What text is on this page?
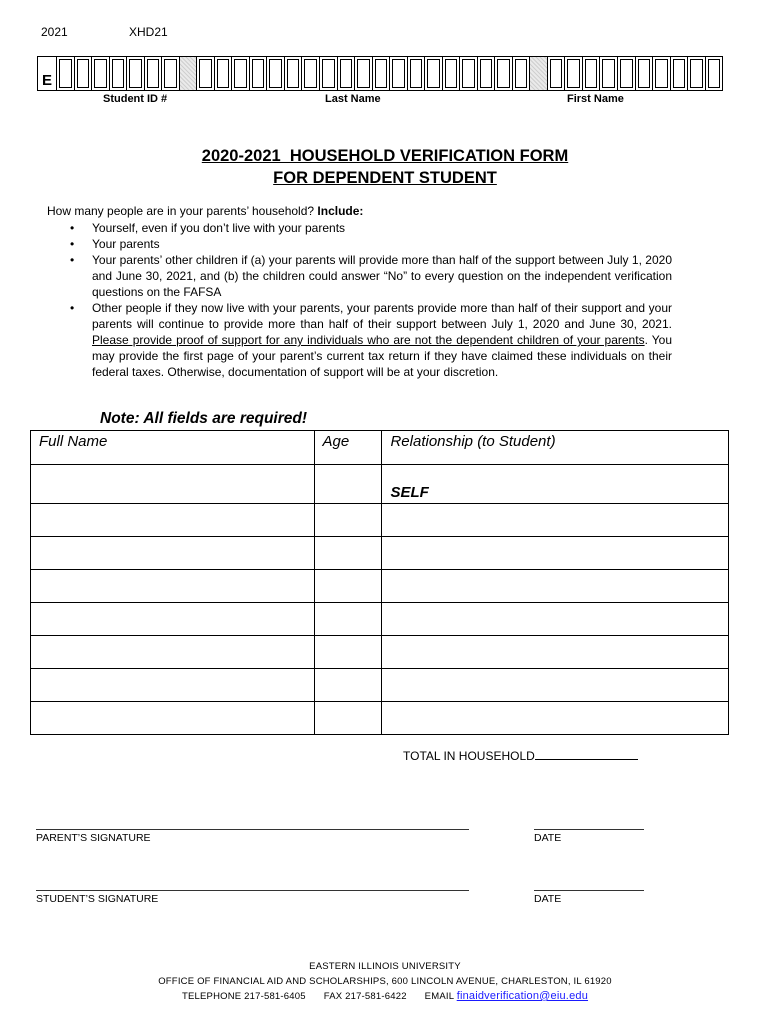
2021	XHD21
E
Student ID #	Last Name	First Name
2020-2021  HOUSEHOLD VERIFICATION FORM
FOR DEPENDENT STUDENT
How many people are in your parents’ household? Include:
• Yourself, even if you don’t live with your parents
• Your parents
• Your parents’ other children if (a) your parents will provide more than half of the support between July 1, 2020 and June 30, 2021, and (b) the children could answer “No” to every question on the independent verification questions on the FAFSA
• Other people if they now live with your parents, your parents provide more than half of their support and your parents will continue to provide more than half of their support between July 1, 2020 and June 30, 2021. Please provide proof of support for any individuals who are not the dependent children of your parents. You may provide the first page of your parent’s current tax return if they have claimed these individuals on their federal taxes. Otherwise, documentation of support will be at your discretion.
Note: All fields are required!
Full Name	Age	Relationship (to Student)
		SELF

TOTAL IN HOUSEHOLD
PARENT’S SIGNATURE	DATE
STUDENT’S SIGNATURE	DATE
EASTERN ILLINOIS UNIVERSITY
OFFICE OF FINANCIAL AID AND SCHOLARSHIPS, 600 LINCOLN AVENUE, CHARLESTON, IL 61920
TELEPHONE 217-581-6405 FAX 217-581-6422 EMAIL finaidverification@eiu.edu
